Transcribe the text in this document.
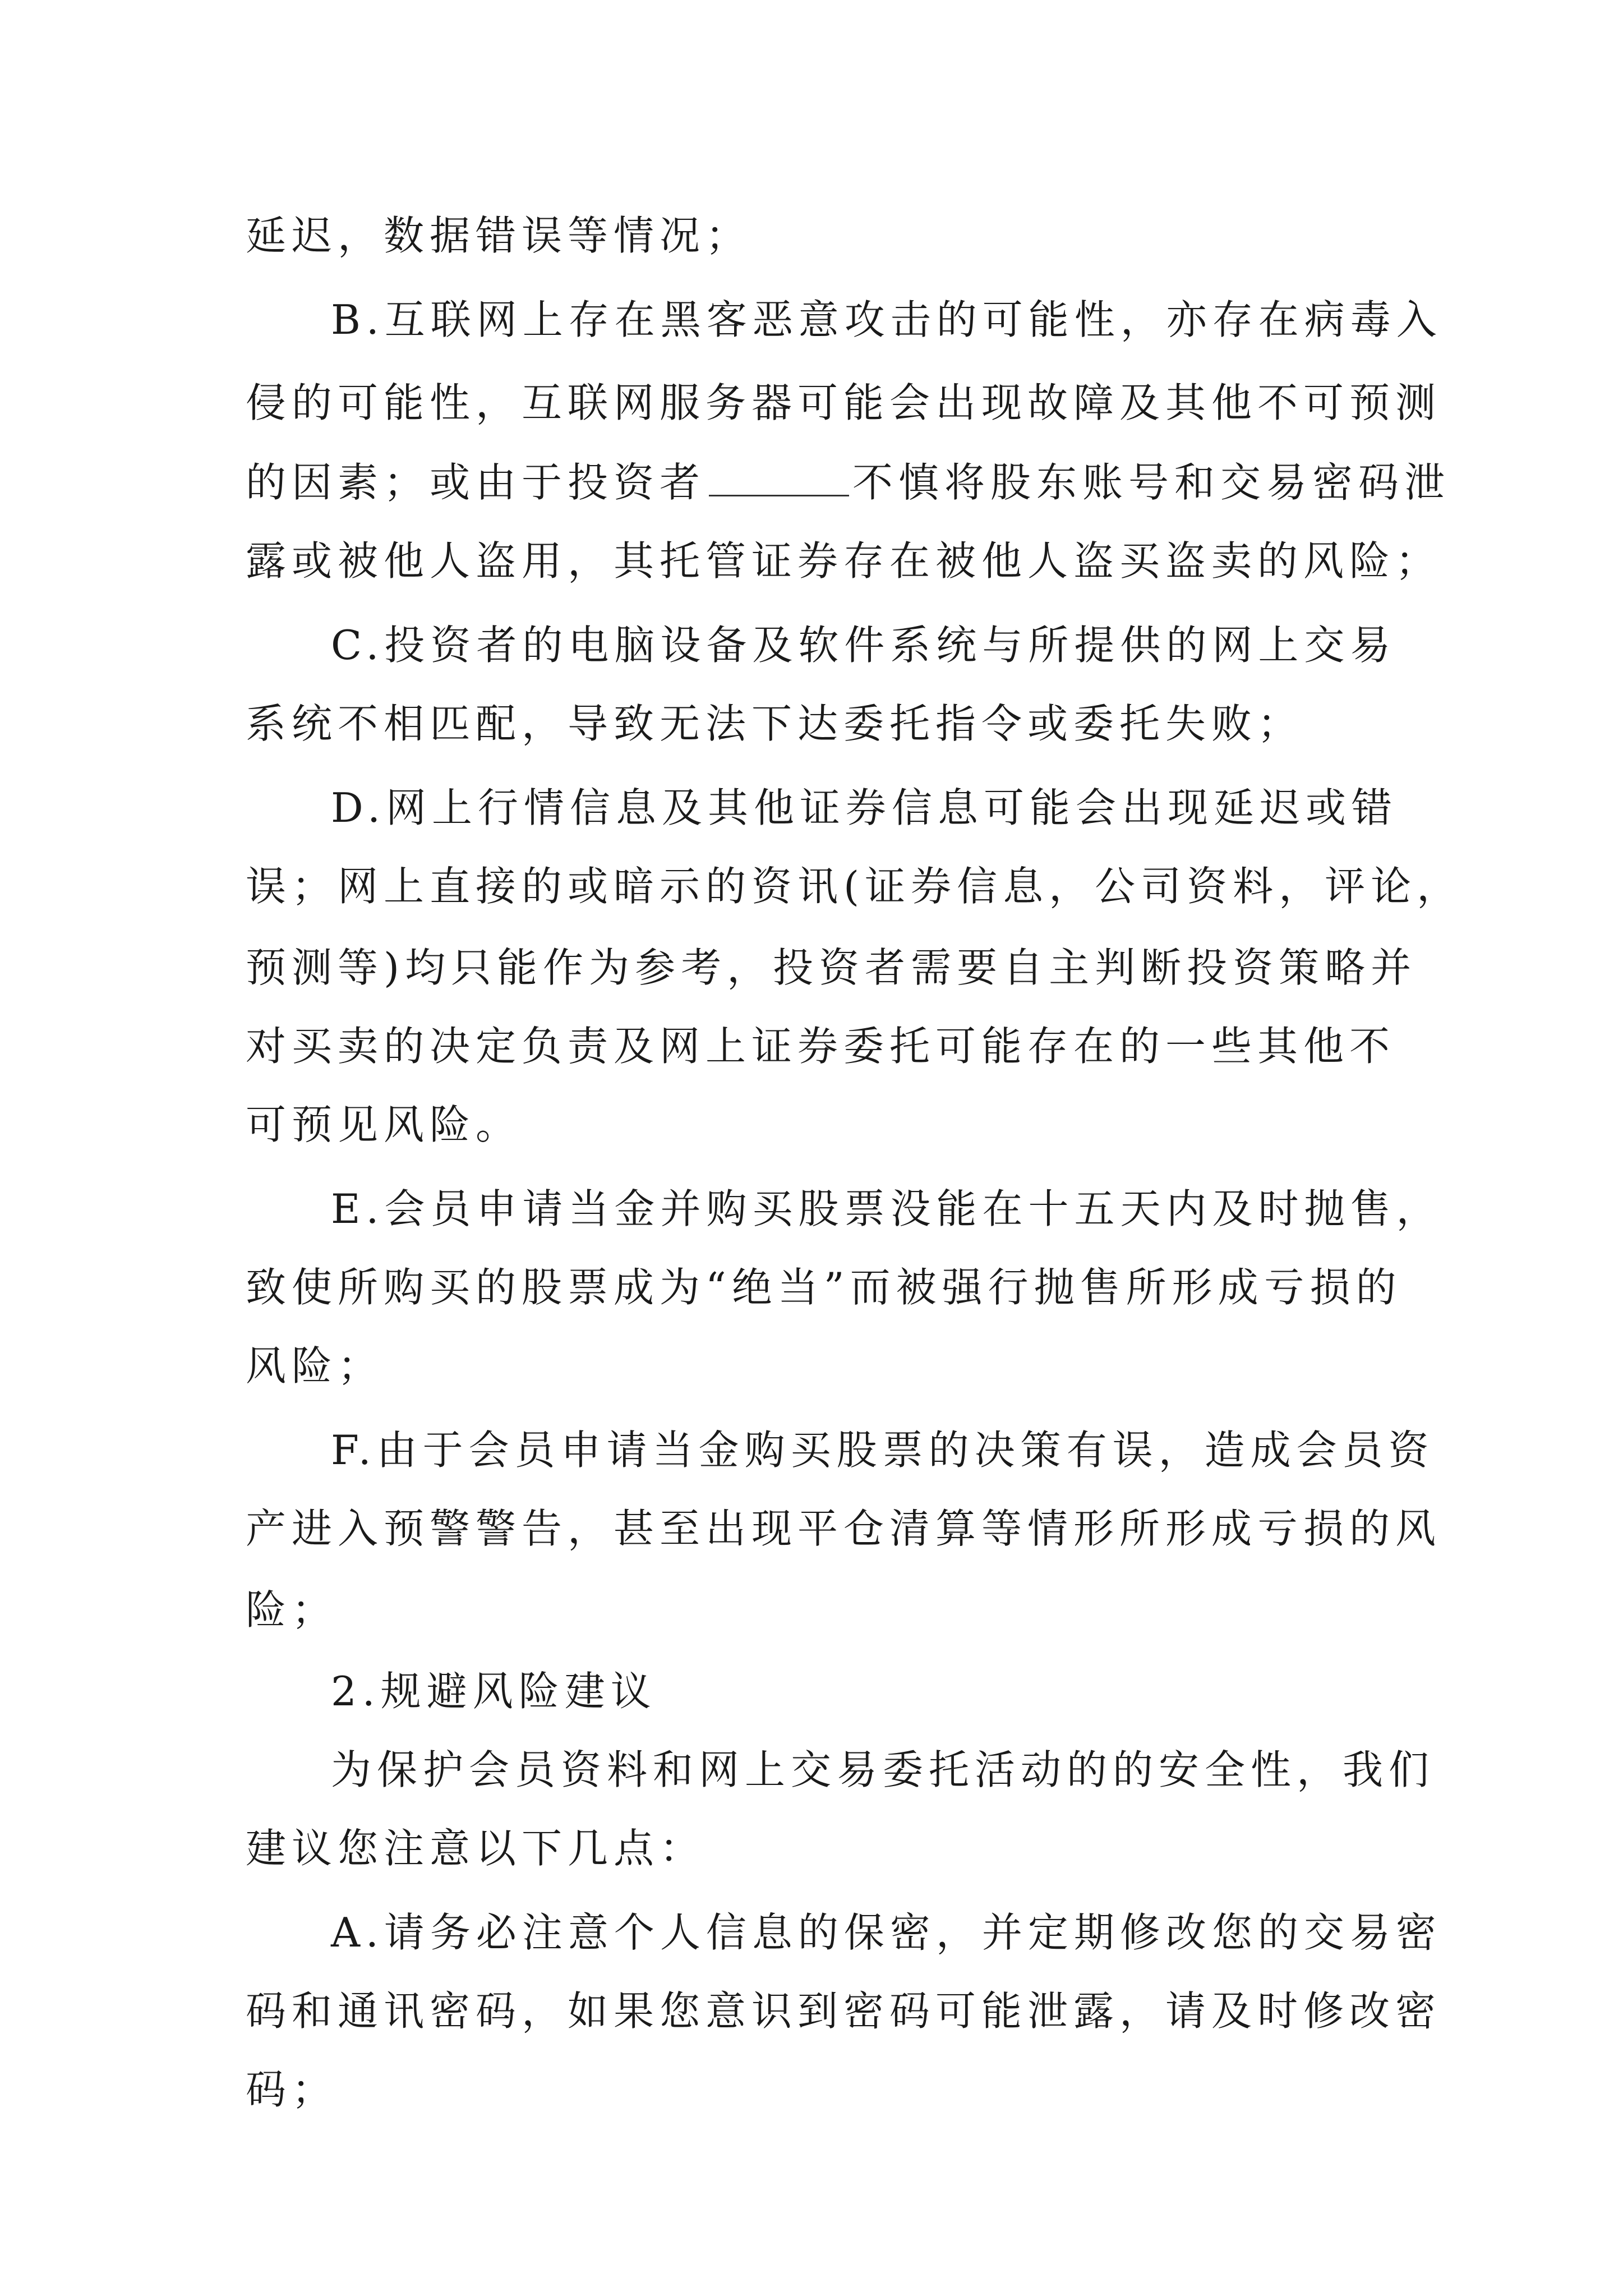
延迟，数据错误等情况；
B.互联网上存在黑客恶意攻击的可能性，亦存在病毒入
侵的可能性，互联网服务器可能会出现故障及其他不可预测
的因素；或由于投资者	不慎将股东账号和交易密码泄
露或被他人盗用，其托管证券存在被他人盗买盗卖的风险；
C.投资者的电脑设备及软件系统与所提供的网上交易
系统不相匹配，导致无法下达委托指令或委托失败；
D.网上行情信息及其他证券信息可能会出现延迟或错
误；网上直接的或暗示的资讯(证券信息，公司资料，评论，
预测等)均只能作为参考，投资者需要自主判断投资策略并
对买卖的决定负责及网上证券委托可能存在的一些其他不
可预见风险。
E.会员申请当金并购买股票没能在十五天内及时抛售，
致使所购买的股票成为“绝当”而被强行抛售所形成亏损的
风险；
F.由于会员申请当金购买股票的决策有误，造成会员资
产进入预警警告，甚至出现平仓清算等情形所形成亏损的风
险；
2.规避风险建议
为保护会员资料和网上交易委托活动的的安全性，我们
建议您注意以下几点：
A.请务必注意个人信息的保密，并定期修改您的交易密
码和通讯密码，如果您意识到密码可能泄露，请及时修改密
码；
